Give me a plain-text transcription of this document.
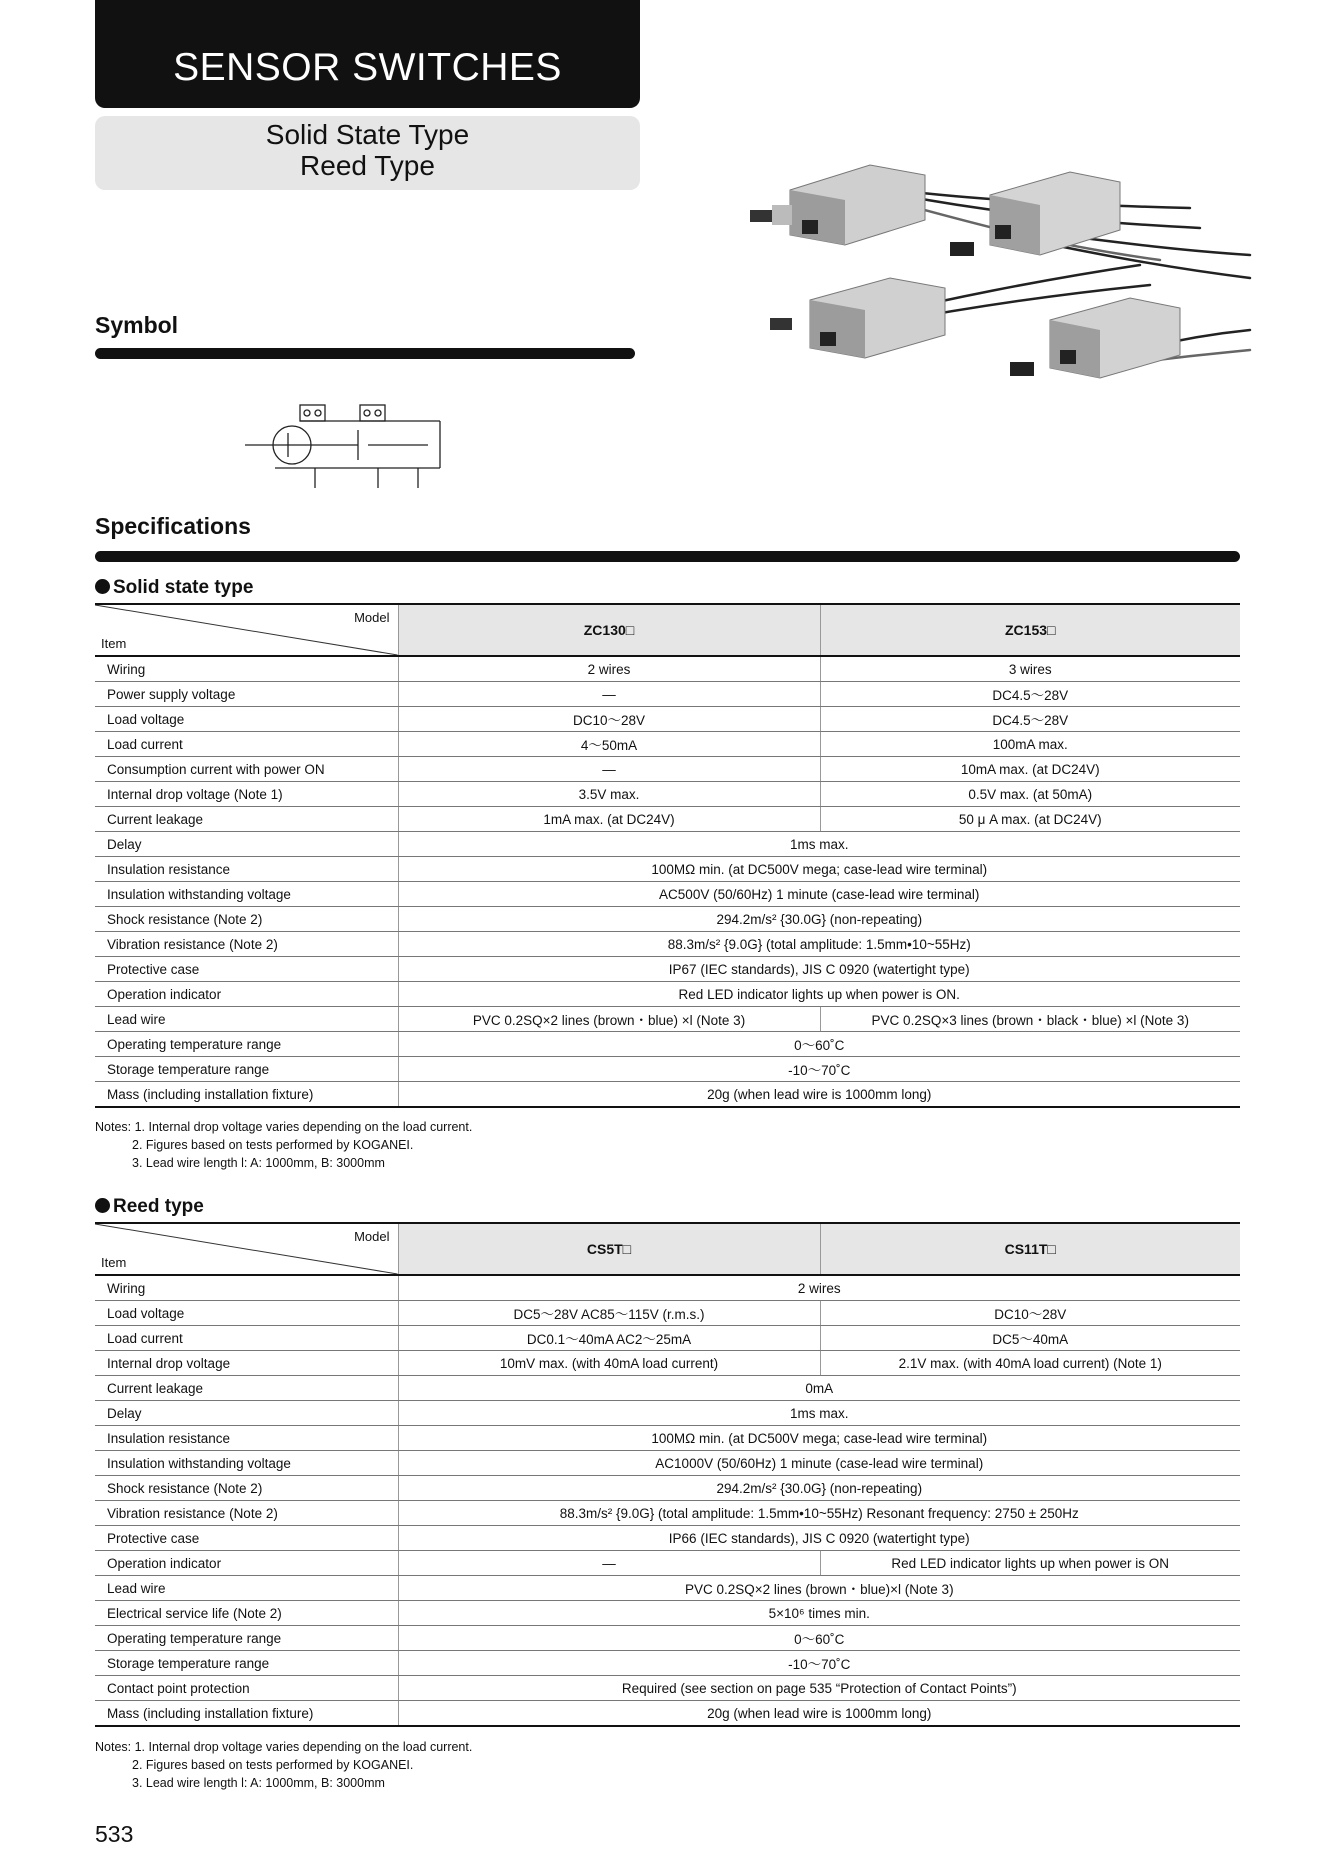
SENSOR SWITCHES
Solid State Type
Reed Type
Symbol
Specifications
Solid state type
Model
Item	ZC130□	ZC153□
Wiring	2 wires	3 wires
Power supply voltage	—	DC4.5～28V
Load voltage	DC10～28V	DC4.5～28V
Load current	4～50mA	100mA max.
Consumption current with power ON	—	10mA max. (at DC24V)
Internal drop voltage (Note 1)	3.5V max.	0.5V max. (at 50mA)
Current leakage	1mA max. (at DC24V)	50 μ A max. (at DC24V)
Delay	1ms max.	
Insulation resistance	100MΩ min. (at DC500V mega; case-lead wire terminal)	
Insulation withstanding voltage	AC500V (50/60Hz) 1 minute (case-lead wire terminal)	
Shock resistance (Note 2)	294.2m/s² {30.0G} (non-repeating)	
Vibration resistance (Note 2)	88.3m/s² {9.0G} (total amplitude: 1.5mm•10~55Hz)	
Protective case	IP67 (IEC standards), JIS C 0920 (watertight type)	
Operation indicator	Red LED indicator lights up when power is ON.	
Lead wire	PVC 0.2SQ×2 lines (brown・blue) ×l (Note 3)	PVC 0.2SQ×3 lines (brown・black・blue) ×l (Note 3)
Operating temperature range	0～60˚C	
Storage temperature range	-10～70˚C	
Mass (including installation fixture)	20g (when lead wire is 1000mm long)	
Notes: 1. Internal drop voltage varies depending on the load current.
2. Figures based on tests performed by KOGANEI.
3. Lead wire length l: A: 1000mm, B: 3000mm
Reed type
Model
Item	CS5T□	CS11T□
Wiring	2 wires	
Load voltage	DC5～28V AC85～115V (r.m.s.)	DC10～28V
Load current	DC0.1～40mA AC2～25mA	DC5～40mA
Internal drop voltage	10mV max. (with 40mA load current)	2.1V max. (with 40mA load current) (Note 1)
Current leakage	0mA	
Delay	1ms max.	
Insulation resistance	100MΩ min. (at DC500V mega; case-lead wire terminal)	
Insulation withstanding voltage	AC1000V (50/60Hz) 1 minute (case-lead wire terminal)	
Shock resistance (Note 2)	294.2m/s² {30.0G} (non-repeating)	
Vibration resistance (Note 2)	88.3m/s² {9.0G} (total amplitude: 1.5mm•10~55Hz) Resonant frequency: 2750 ± 250Hz	
Protective case	IP66 (IEC standards), JIS C 0920 (watertight type)	
Operation indicator	—	Red LED indicator lights up when power is ON
Lead wire	PVC 0.2SQ×2 lines (brown・blue)×l (Note 3)	
Electrical service life (Note 2)	5×10⁶ times min.	
Operating temperature range	0～60˚C	
Storage temperature range	-10～70˚C	
Contact point protection	Required (see section on page 535 “Protection of Contact Points”)	
Mass (including installation fixture)	20g (when lead wire is 1000mm long)	
Notes: 1. Internal drop voltage varies depending on the load current.
2. Figures based on tests performed by KOGANEI.
3. Lead wire length l: A: 1000mm, B: 3000mm
533
